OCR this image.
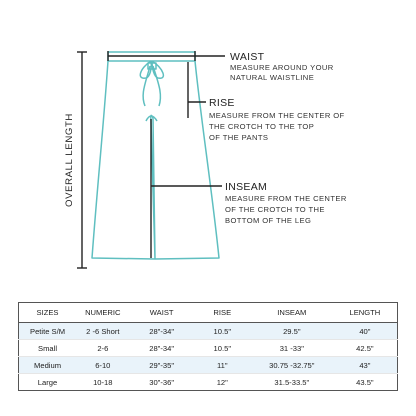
WAIST
MEASURE AROUND YOUR
NATURAL WAISTLINE
RISE
MEASURE FROM THE CENTER OF
THE CROTCH TO THE TOP
OF THE PANTS
INSEAM
MEASURE FROM THE CENTER
OF THE CROTCH TO THE
BOTTOM OF THE LEG
OVERALL LENGTH
SIZES	NUMERIC	WAIST	RISE	INSEAM	LENGTH
Petite S/M	2 -6 Short	28"-34"	10.5"	29.5"	40"
Small	2-6	28"-34"	10.5"	31 -33"	42.5"
Medium	6-10	29"-35"	11"	30.75 -32.75"	43"
Large	10-18	30"-36"	12"	31.5-33.5"	43.5"
